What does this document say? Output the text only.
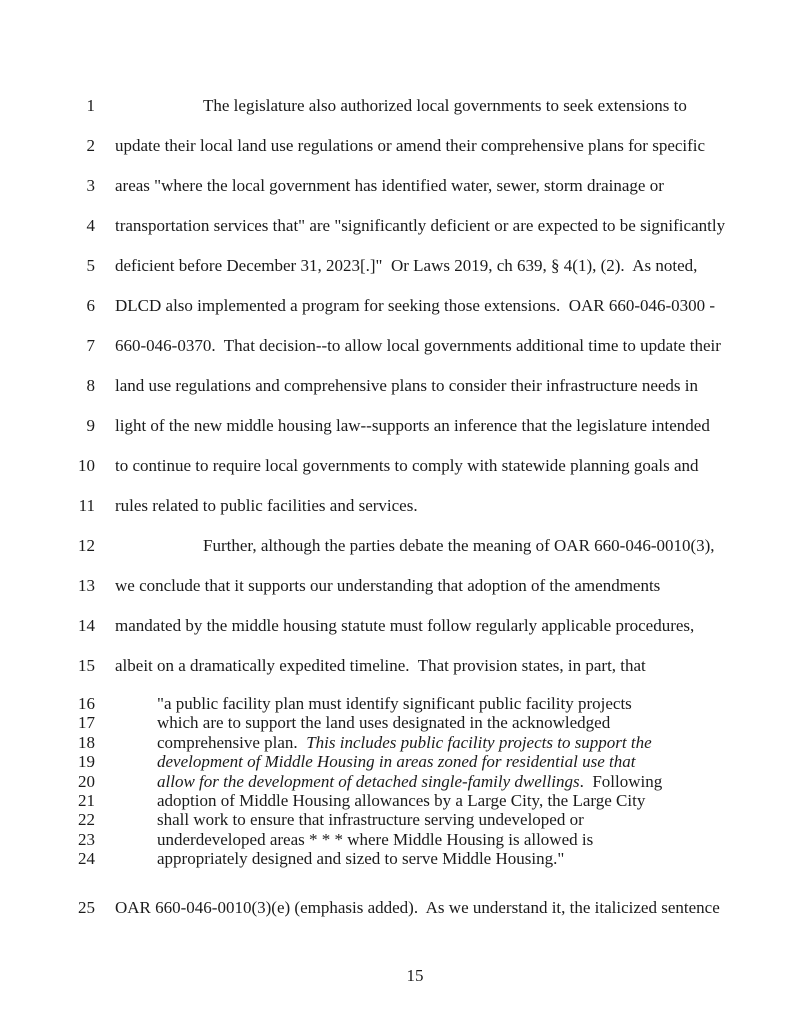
1	The legislature also authorized local governments to seek extensions to
2	update their local land use regulations or amend their comprehensive plans for specific
3	areas "where the local government has identified water, sewer, storm drainage or
4	transportation services that" are "significantly deficient or are expected to be significantly
5	deficient before December 31, 2023[.]"  Or Laws 2019, ch 639, § 4(1), (2).  As noted,
6	DLCD also implemented a program for seeking those extensions.  OAR 660-046-0300 -
7	660-046-0370.  That decision--to allow local governments additional time to update their
8	land use regulations and comprehensive plans to consider their infrastructure needs in
9	light of the new middle housing law--supports an inference that the legislature intended
10	to continue to require local governments to comply with statewide planning goals and
11	rules related to public facilities and services.
12	Further, although the parties debate the meaning of OAR 660-046-0010(3),
13	we conclude that it supports our understanding that adoption of the amendments
14	mandated by the middle housing statute must follow regularly applicable procedures,
15	albeit on a dramatically expedited timeline.  That provision states, in part, that
16	"a public facility plan must identify significant public facility projects
17	which are to support the land uses designated in the acknowledged
18	comprehensive plan.  This includes public facility projects to support the
19	development of Middle Housing in areas zoned for residential use that
20	allow for the development of detached single-family dwellings.  Following
21	adoption of Middle Housing allowances by a Large City, the Large City
22	shall work to ensure that infrastructure serving undeveloped or
23	underdeveloped areas * * * where Middle Housing is allowed is
24	appropriately designed and sized to serve Middle Housing."
25	OAR 660-046-0010(3)(e) (emphasis added).  As we understand it, the italicized sentence
15
